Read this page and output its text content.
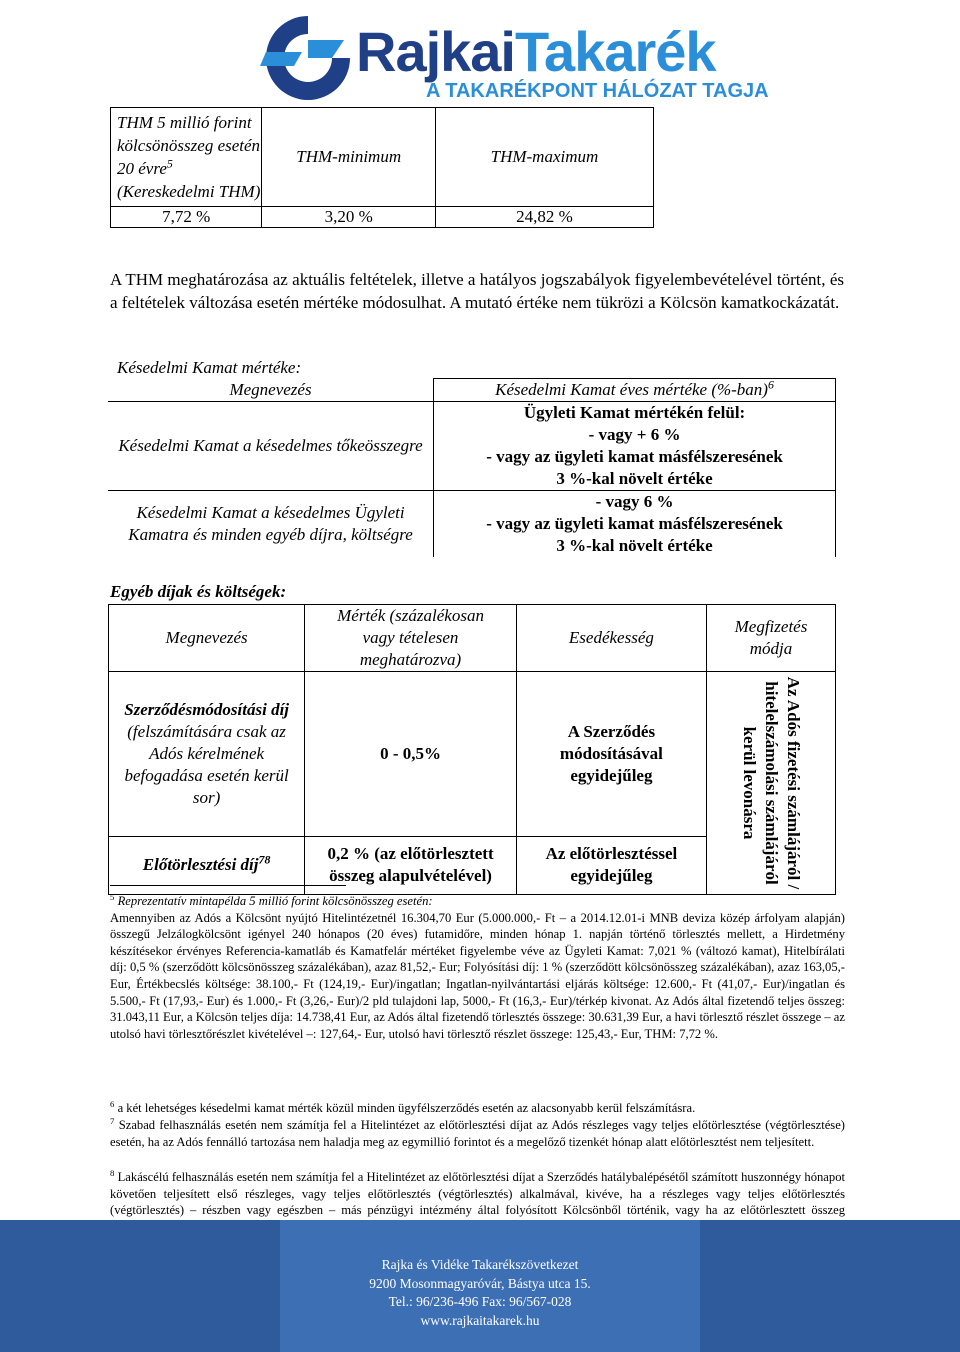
RajkaiTakarék
A TAKARÉKPONT HÁLÓZAT TAGJA
THM 5 millió forint kölcsönösszeg esetén 20 évre$^5$
(Kereskedelmi THM)	THM-minimum	THM-maximum
7,72 %	3,20 %	24,82 %
A THM meghatározása az aktuális feltételek, illetve a hatályos jogszabályok figyelembevételével történt, és a feltételek változása esetén mértéke módosulhat. A mutató értéke nem tükrözi a Kölcsön kamatkockázatát.
Késedelmi Kamat mértéke:
Megnevezés	Késedelmi Kamat éves mértéke $(\%-ban)^6$
Késedelmi Kamat a késedelmes tőkeösszegre	Ügyleti Kamat mértékén felül:
- vagy + 6 %
- vagy az ügyleti kamat másfélszeresének
3 %-kal növelt értéke

Késedelmi Kamat a késedelmes Ügyleti Kamatra és minden egyéb díjra, költségre	- vagy 6 %
- vagy az ügyleti kamat másfélszeresének
3 %-kal növelt értéke
Egyéb díjak és költségek:
Megnevezés	Mérték (százalékosan vagy tételesen meghatározva)	Esedékesség	Megfizetés módja

Szerződésmódosítási díj
(felszámítására csak az Adós kérelmének befogadása esetén kerül sor)	0 - 0,5%	A Szerződés módosításával egyidejűleg	Az Adós fizetési számlájáról / hitelelszámolási számlájáról kerül levonásra

Előtörlesztési díj$^{78}$	0,2 % (az előtörlesztett összeg alapulvételével)	Az előtörlesztéssel egyidejűleg	
$^5$ Reprezentatív mintapélda 5 millió forint kölcsönösszeg esetén:
Amennyiben az Adós a Kölcsönt nyújtó Hitelintézetnél 16.304,70 Eur (5.000.000,- Ft – a 2014.12.01-i MNB deviza közép árfolyam alapján) összegű Jelzálogkölcsönt igényel 240 hónapos (20 éves) futamidőre, minden hónap 1. napján történő törlesztés mellett, a Hirdetmény készítésekor érvényes Referencia-kamatláb és Kamatfelár mértéket figyelembe véve az Ügyleti Kamat: 7,021 % (változó kamat), Hitelbírálati díj: 0,5 % (szerződött kölcsönösszeg százalékában), azaz 81,52,- Eur; Folyósítási díj: 1 % (szerződött kölcsönösszeg százalékában), azaz 163,05,- Eur, Értékbecslés költsége: 38.100,- Ft (124,19,- Eur)/ingatlan; Ingatlan-nyilvántartási eljárás költsége: 12.600,- Ft (41,07,- Eur)/ingatlan és 5.500,- Ft (17,93,- Eur) és 1.000,- Ft (3,26,- Eur)/2 pld tulajdoni lap, 5000,- Ft (16,3,- Eur)/térkép kivonat. Az Adós által fizetendő teljes összeg: 31.043,11 Eur, a Kölcsön teljes díja: 14.738,41 Eur, az Adós által fizetendő törlesztés összege: 30.631,39 Eur, a havi törlesztő részlet összege – az utolsó havi törlesztőrészlet kivételével –: 127,64,- Eur, utolsó havi törlesztő részlet összege: 125,43,- Eur, THM: 7,72 %.
$^6$ a két lehetséges késedelmi kamat mérték közül minden ügyfélszerződés esetén az alacsonyabb kerül felszámításra.
$^7$ Szabad felhasználás esetén nem számítja fel a Hitelintézet az előtörlesztési díjat az Adós részleges vagy teljes előtörlesztése (végtörlesztése) esetén, ha az Adós fennálló tartozása nem haladja meg az egymillió forintot és a megelőző tizenkét hónap alatt előtörlesztést nem teljesített.
$^8$ Lakáscélú felhasználás esetén nem számítja fel a Hitelintézet az előtörlesztési díjat a Szerződés hatálybalépésétől számított huszonnégy hónapot követően teljesített első részleges, vagy teljes előtörlesztés (végtörlesztés) alkalmával, kivéve, ha a részleges vagy teljes előtörlesztés (végtörlesztés) – részben vagy egészben – más pénzügyi intézmény által folyósított Kölcsönből történik, vagy ha az előtörlesztett összeg
Rajka és Vidéke Takarékszövetkezet
9200 Mosonmagyaróvár, Bástya utca 15.
Tel.: 96/236-496 Fax: 96/567-028
www.rajkaitakarek.hu
